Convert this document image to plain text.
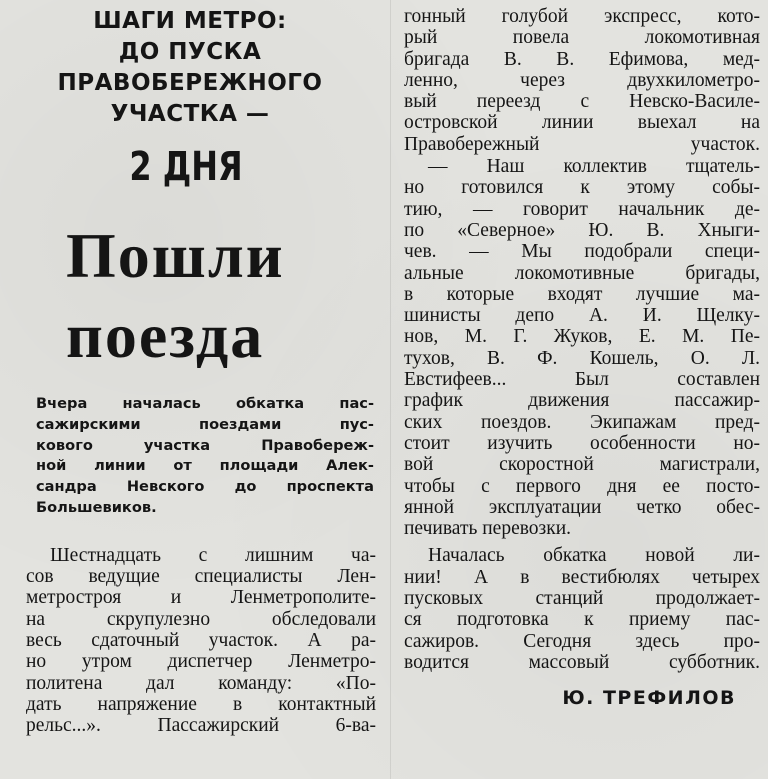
ШАГИ МЕТРО:
ДО ПУСКА
ПРАВОБЕРЕЖНОГО
УЧАСТКА —
2 ДНЯ
Пошли
поезда
Вчера началась обкатка пас-
сажирскими поездами пус-
кового участка Правобереж-
ной линии от площади Алек-
сандра Невского до проспекта
Большевиков.
Шестнадцать с лишним ча-
сов ведущие специалисты Лен-
метростроя и Ленметрополите-
на скрупулезно обследовали
весь сдаточный участок. А ра-
но утром диспетчер Ленметро-
политена дал команду: «По-
дать напряжение в контактный
рельс...». Пассажирский 6-ва-
гонный голубой экспресс, кото-
рый повела локомотивная
бригада В. В. Ефимова, мед-
ленно, через двухкилометро-
вый переезд с Невско-Василе-
островской линии выехал на
Правобережный участок.
— Наш коллектив тщатель-
но готовился к этому собы-
тию, — говорит начальник де-
по «Северное» Ю. В. Хныги-
чев. — Мы подобрали специ-
альные локомотивные бригады,
в которые входят лучшие ма-
шинисты депо А. И. Щелку-
нов, М. Г. Жуков, Е. М. Пе-
тухов, В. Ф. Кошель, О. Л.
Евстифеев... Был составлен
график движения пассажир-
ских поездов. Экипажам пред-
стоит изучить особенности но-
вой скоростной магистрали,
чтобы с первого дня ее посто-
янной эксплуатации четко обес-
печивать перевозки.
Началась обкатка новой ли-
нии! А в вестибюлях четырех
пусковых станций продолжает-
ся подготовка к приему пас-
сажиров. Сегодня здесь про-
водится массовый субботник.
Ю. ТРЕФИЛОВ
